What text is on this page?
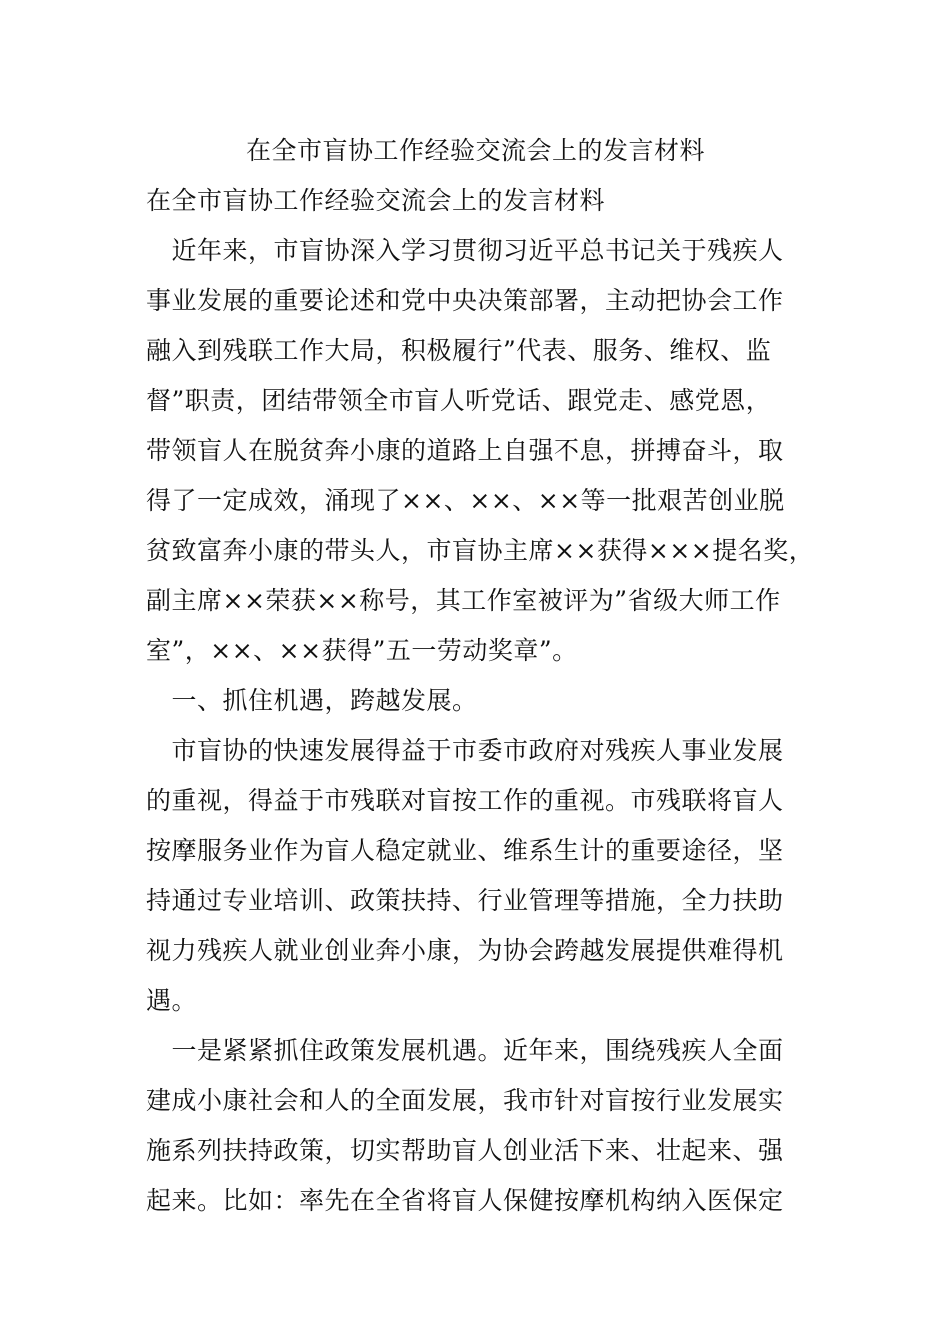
在全市盲协工作经验交流会上的发言材料
在全市盲协工作经验交流会上的发言材料
　近年来，市盲协深入学习贯彻习近平总书记关于残疾人
事业发展的重要论述和党中央决策部署，主动把协会工作
融入到残联工作大局，积极履行”代表、服务、维权、监
督”职责，团结带领全市盲人听党话、跟党走、感党恩，
带领盲人在脱贫奔小康的道路上自强不息，拼搏奋斗，取
得了一定成效，涌现了××、××、××等一批艰苦创业脱
贫致富奔小康的带头人，市盲协主席××获得×××提名奖，
副主席××荣获××称号，其工作室被评为”省级大师工作
室”，××、××获得”五一劳动奖章”。
　一、抓住机遇，跨越发展。
　市盲协的快速发展得益于市委市政府对残疾人事业发展
的重视，得益于市残联对盲按工作的重视。市残联将盲人
按摩服务业作为盲人稳定就业、维系生计的重要途径，坚
持通过专业培训、政策扶持、行业管理等措施，全力扶助
视力残疾人就业创业奔小康，为协会跨越发展提供难得机
遇。
　一是紧紧抓住政策发展机遇。近年来，围绕残疾人全面
建成小康社会和人的全面发展，我市针对盲按行业发展实
施系列扶持政策，切实帮助盲人创业活下来、壮起来、强
起来。比如：率先在全省将盲人保健按摩机构纳入医保定
